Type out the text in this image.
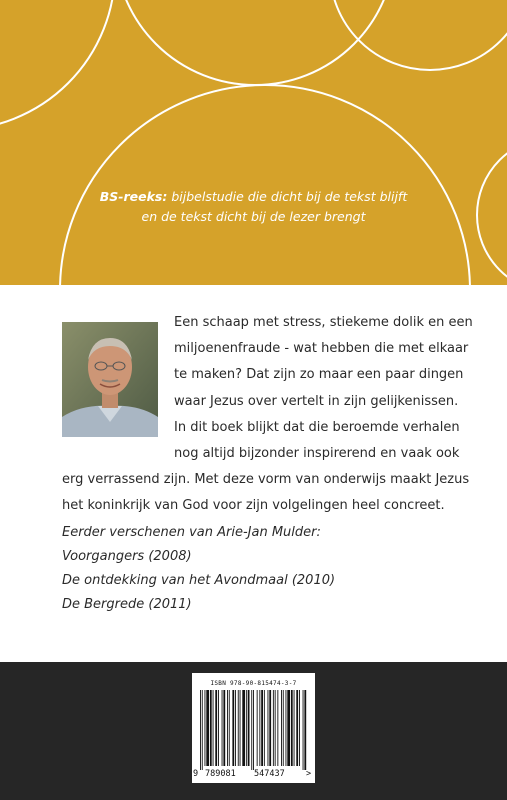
BS-reeks: bijbelstudie die dicht bij de tekst blijft
en de tekst dicht bij de lezer brengt
Een schaap met stress, stiekeme dolik en een
miljoenenfraude - wat hebben die met elkaar
te maken? Dat zijn zo maar een paar dingen
waar Jezus over vertelt in zijn gelijkenissen.
In dit boek blijkt dat die beroemde verhalen
nog altijd bijzonder inspirerend en vaak ook
erg verrassend zijn. Met deze vorm van onderwijs maakt Jezus
het koninkrijk van God voor zijn volgelingen heel concreet.
Eerder verschenen van Arie-Jan Mulder:
Voorgangers (2008)
De ontdekking van het Avondmaal (2010)
De Bergrede (2011)
ISBN 978-90-815474-3-7
9 789081 547437	>
